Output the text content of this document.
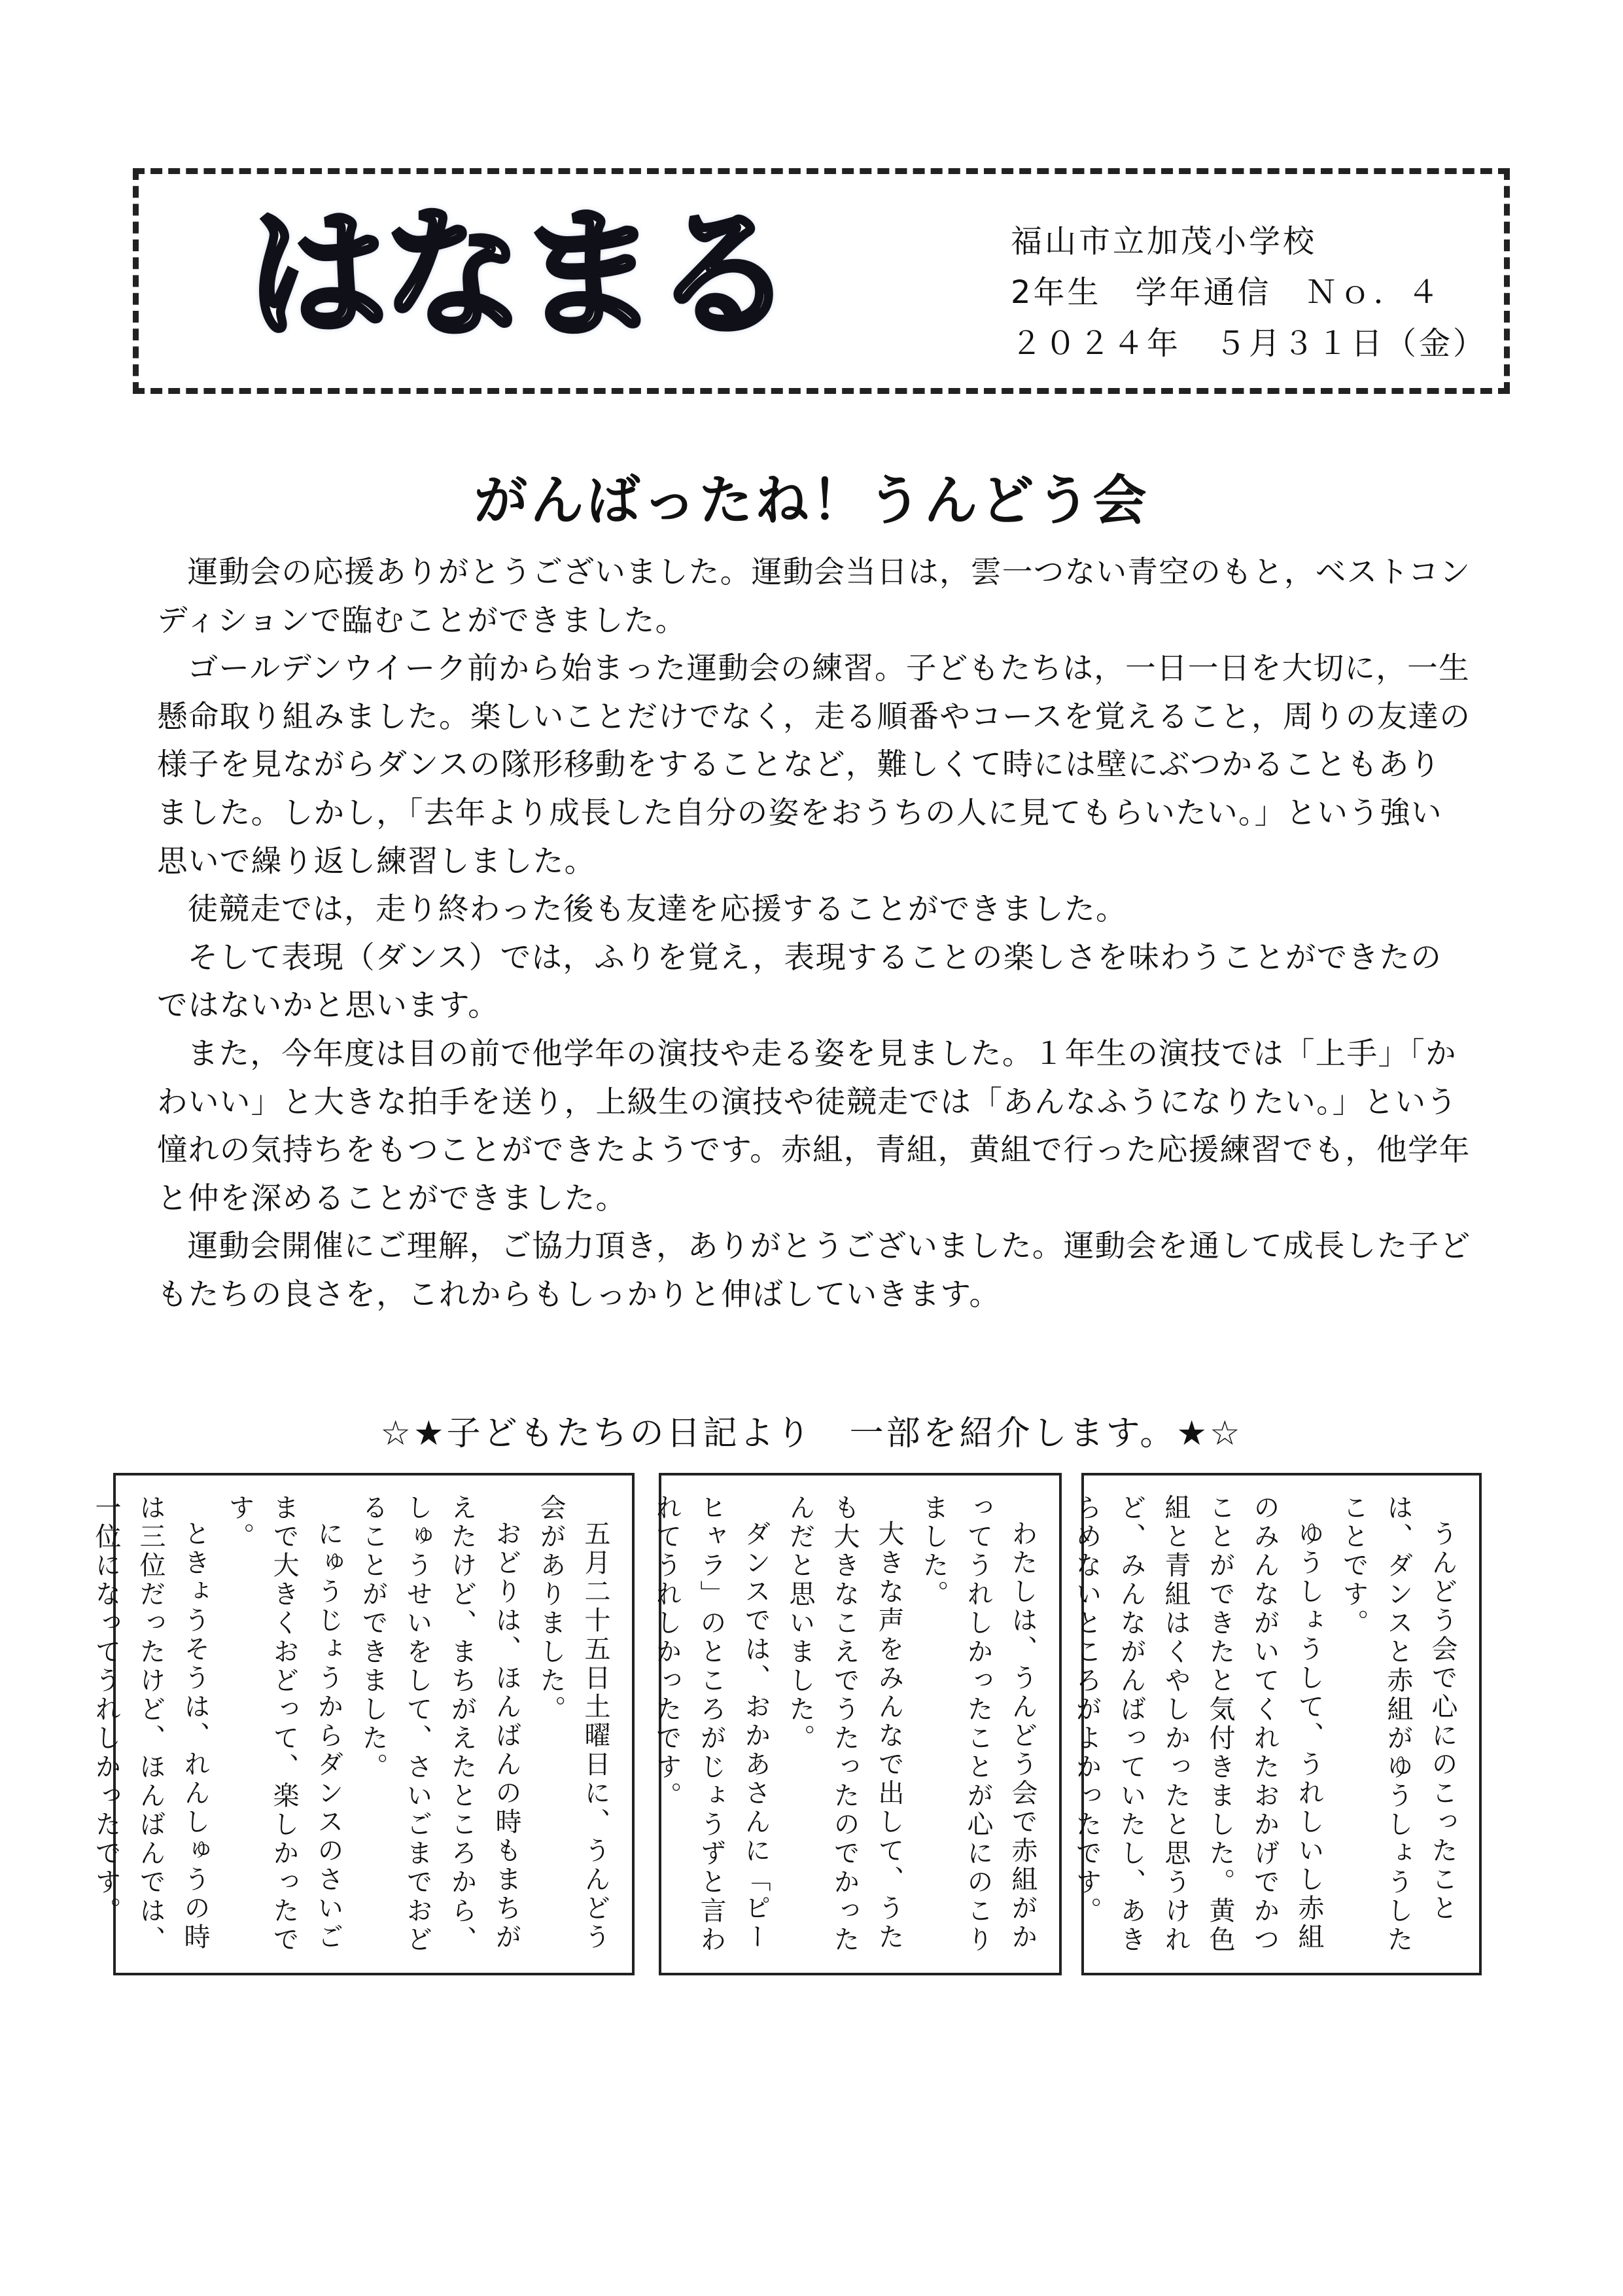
はなまる	福山市立加茂小学校
2年生　学年通信　Ｎｏ．４
２０２４年　５月３１日（金）
がんばったね！うんどう会

運動会の応援ありがとうございました。運動会当日は，雲一つない青空のもと，ベストコンディションで臨むことができました。

ゴールデンウイーク前から始まった運動会の練習。子どもたちは，一日一日を大切に，一生懸命取り組みました。楽しいことだけでなく，走る順番やコースを覚えること，周りの友達の様子を見ながらダンスの隊形移動をすることなど，難しくて時には壁にぶつかることもありました。しかし，「去年より成長した自分の姿をおうちの人に見てもらいたい。」という強い思いで繰り返し練習しました。

徒競走では，走り終わった後も友達を応援することができました。

そして表現（ダンス）では，ふりを覚え，表現することの楽しさを味わうことができたのではないかと思います。

また，今年度は目の前で他学年の演技や走る姿を見ました。１年生の演技では「上手」「かわいい」と大きな拍手を送り，上級生の演技や徒競走では「あんなふうになりたい。」という憧れの気持ちをもつことができたようです。赤組，青組，黄組で行った応援練習でも，他学年と仲を深めることができました。

運動会開催にご理解，ご協力頂き，ありがとうございました。運動会を通して成長した子どもたちの良さを，これからもしっかりと伸ばしていきます。

☆★子どもたちの日記より　一部を紹介します。★☆

うんどう会で心にのこったことは、ダンスと赤組がゆうしょうしたことです。

ゆうしょうして、うれしいし赤組のみんながいてくれたおかげでかつことができたと気付きました。黄色組と青組はくやしかったと思うけれど、みんながんばっていたし、あきらめないところがよかったです。

わたしは、うんどう会で赤組がかってうれしかったことが心にのこりました。

大きな声をみんなで出して、うたも大きなこえでうたったのでかったんだと思いました。

ダンスでは、おかあさんに「ピーヒャラ」のところがじょうずと言われてうれしかったです。

五月二十五日土曜日に、うんどう会がありました。

おどりは、ほんばんの時もまちがえたけど、まちがえたところから、しゅうせいをして、さいごまでおどることができました。

にゅうじょうからダンスのさいごまで大きくおどって、楽しかったです。

ときょうそうは、れんしゅうの時は三位だったけど、ほんばんでは、一位になってうれしかったです。
